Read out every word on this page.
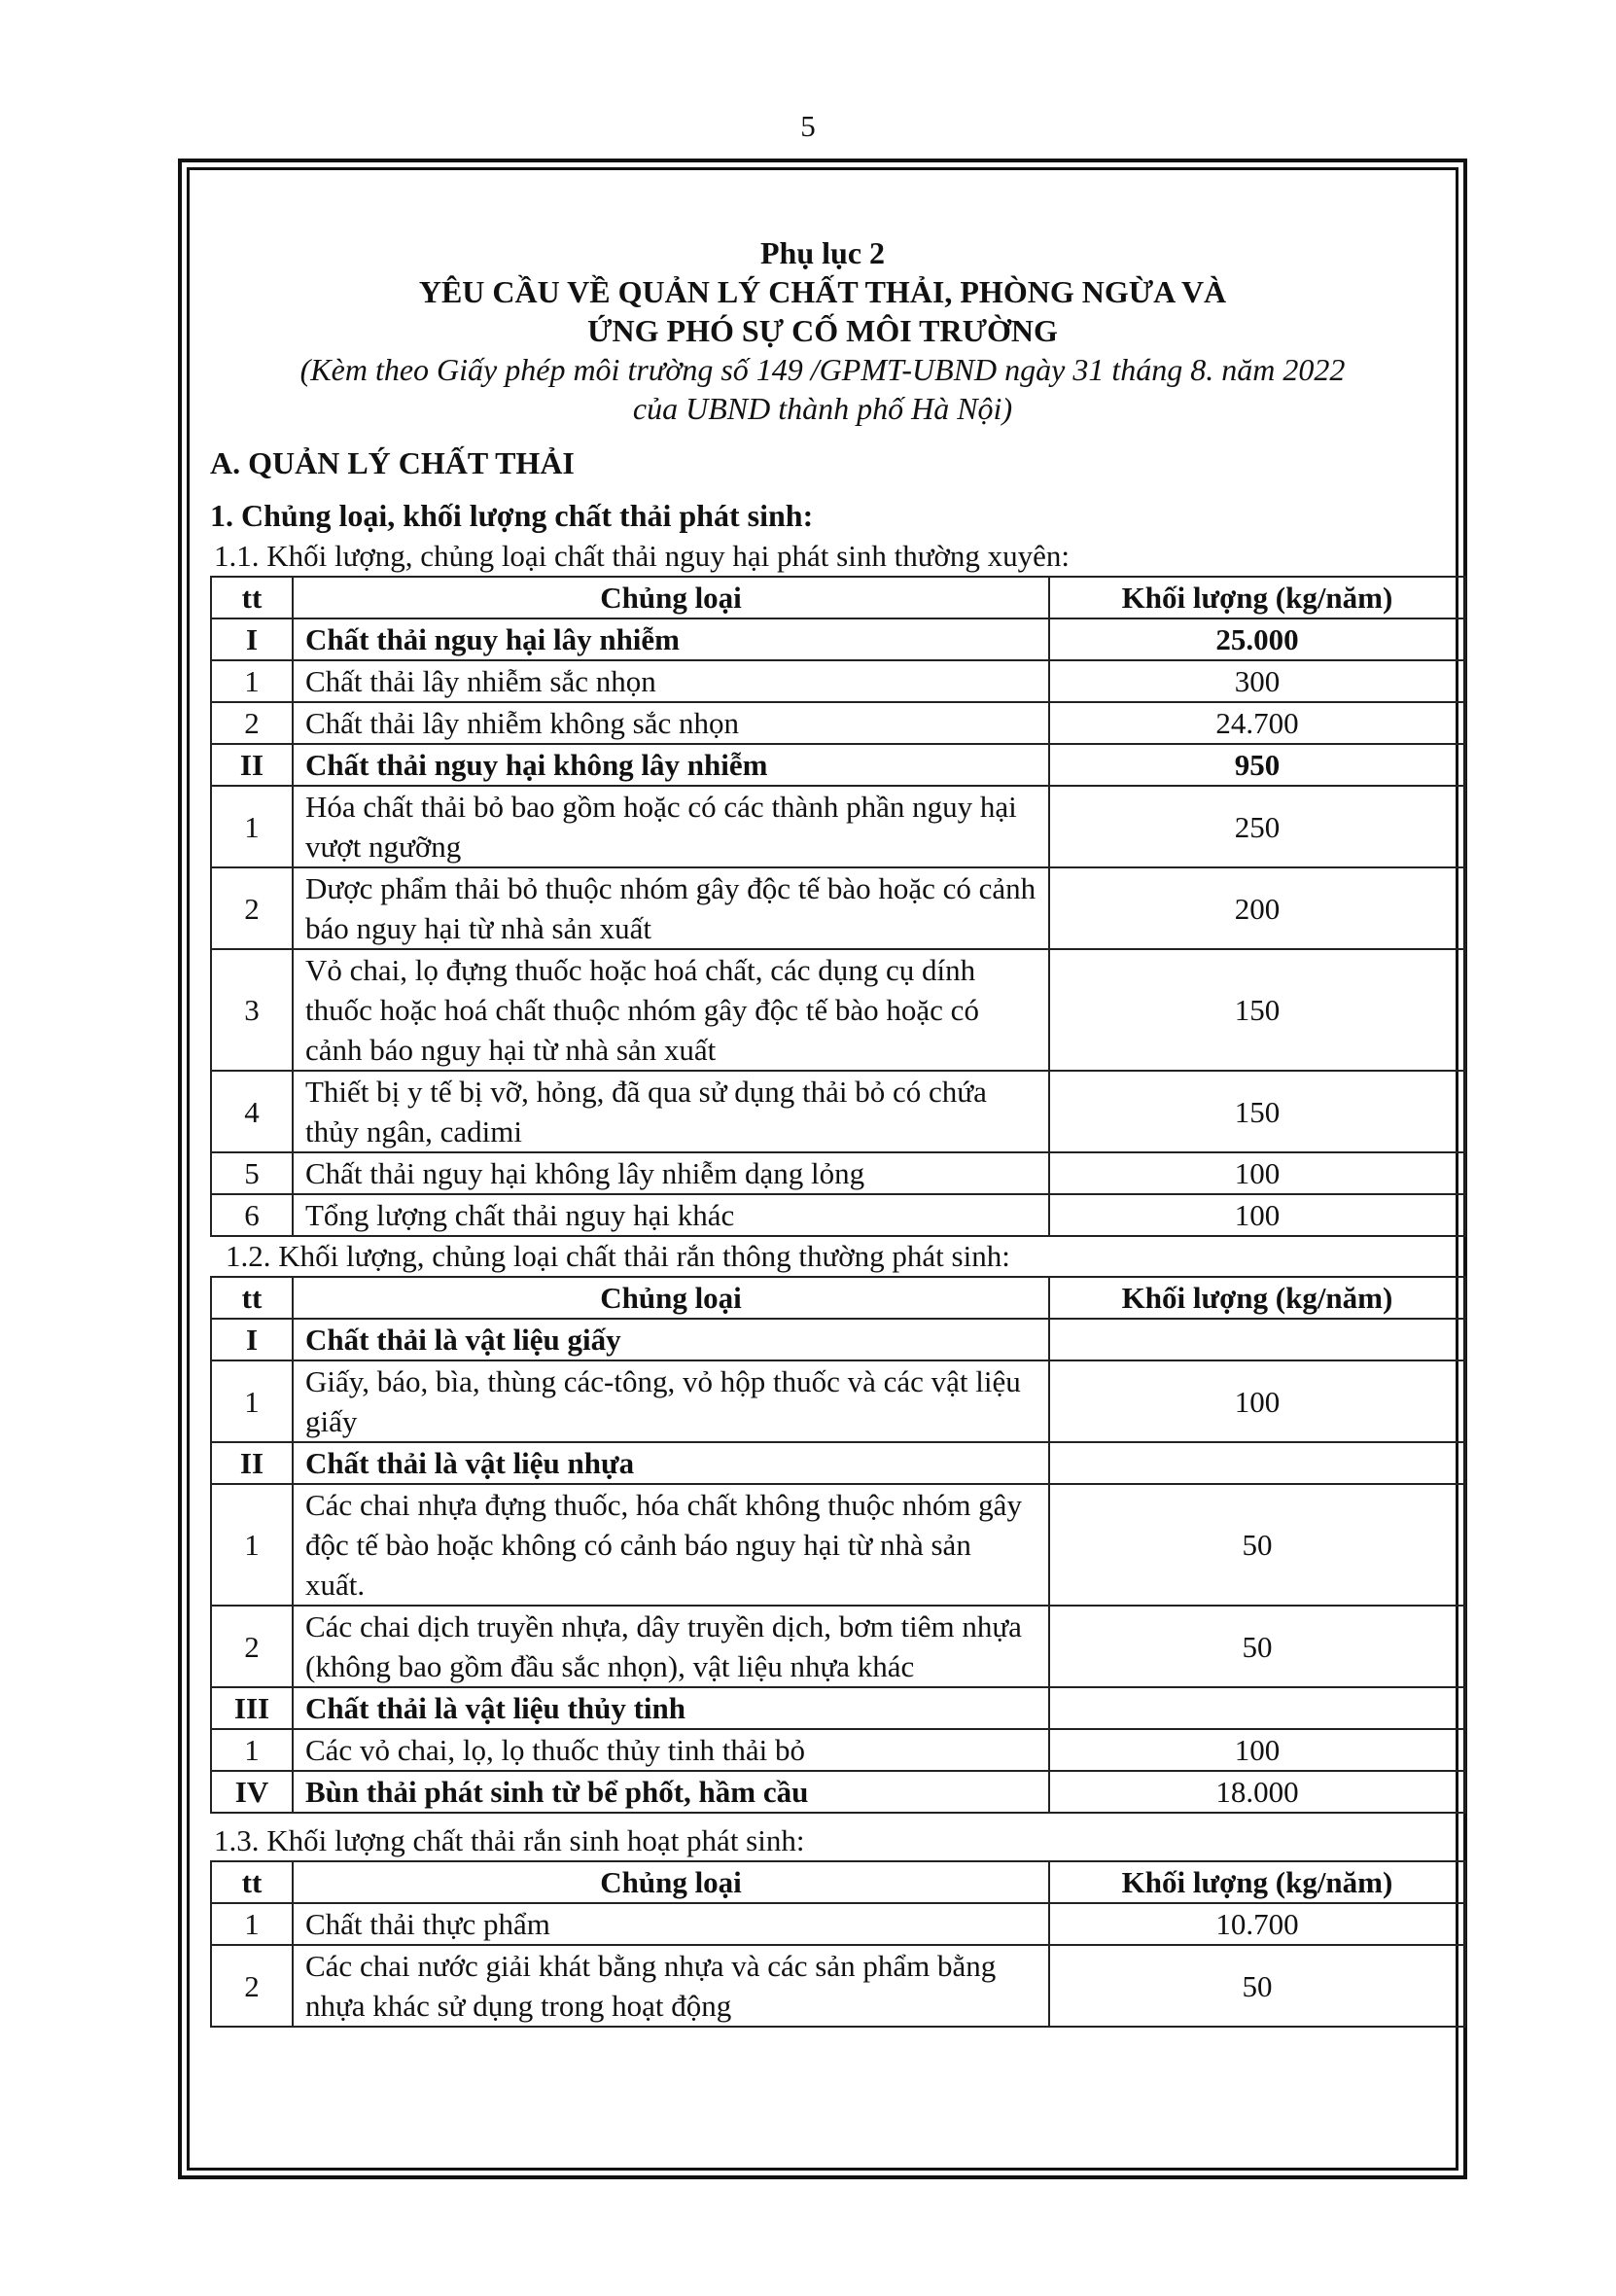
5
Phụ lục 2
YÊU CẦU VỀ QUẢN LÝ CHẤT THẢI, PHÒNG NGỪA VÀ
ỨNG PHÓ SỰ CỐ MÔI TRƯỜNG
(Kèm theo Giấy phép môi trường số 149 /GPMT-UBND ngày 31 tháng 8. năm 2022
của UBND thành phố Hà Nội)
A. QUẢN LÝ CHẤT THẢI
1. Chủng loại, khối lượng chất thải phát sinh:
1.1. Khối lượng, chủng loại chất thải nguy hại phát sinh thường xuyên:
tt	Chủng loại	Khối lượng (kg/năm)
I	Chất thải nguy hại lây nhiễm	25.000
1	Chất thải lây nhiễm sắc nhọn	300
2	Chất thải lây nhiễm không sắc nhọn	24.700
II	Chất thải nguy hại không lây nhiễm	950
1	Hóa chất thải bỏ bao gồm hoặc có các thành phần nguy hại vượt ngưỡng	250
2	Dược phẩm thải bỏ thuộc nhóm gây độc tế bào hoặc có cảnh báo nguy hại từ nhà sản xuất	200
3	Vỏ chai, lọ đựng thuốc hoặc hoá chất, các dụng cụ dính thuốc hoặc hoá chất thuộc nhóm gây độc tế bào hoặc có cảnh báo nguy hại từ nhà sản xuất	150
4	Thiết bị y tế bị vỡ, hỏng, đã qua sử dụng thải bỏ có chứa thủy ngân, cadimi	150
5	Chất thải nguy hại không lây nhiễm dạng lỏng	100
6	Tổng lượng chất thải nguy hại khác	100
1.2. Khối lượng, chủng loại chất thải rắn thông thường phát sinh:
tt	Chủng loại	Khối lượng (kg/năm)
I	Chất thải là vật liệu giấy	
1	Giấy, báo, bìa, thùng các-tông, vỏ hộp thuốc và các vật liệu giấy	100
II	Chất thải là vật liệu nhựa	
1	Các chai nhựa đựng thuốc, hóa chất không thuộc nhóm gây độc tế bào hoặc không có cảnh báo nguy hại từ nhà sản xuất.	50
2	Các chai dịch truyền nhựa, dây truyền dịch, bơm tiêm nhựa (không bao gồm đầu sắc nhọn), vật liệu nhựa khác	50
III	Chất thải là vật liệu thủy tinh	
1	Các vỏ chai, lọ, lọ thuốc thủy tinh thải bỏ	100
IV	Bùn thải phát sinh từ bể phốt, hầm cầu	18.000
1.3. Khối lượng chất thải rắn sinh hoạt phát sinh:
tt	Chủng loại	Khối lượng (kg/năm)
1	Chất thải thực phẩm	10.700
2	Các chai nước giải khát bằng nhựa và các sản phẩm bằng nhựa khác sử dụng trong hoạt động	50
